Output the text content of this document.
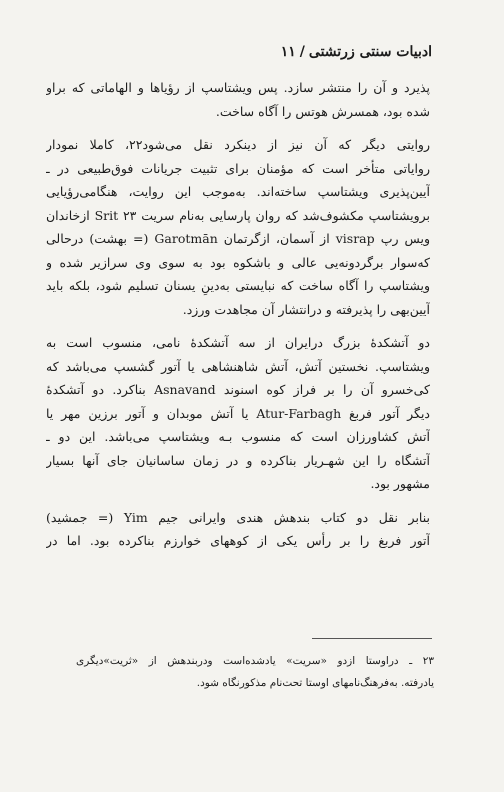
ادبیات سنتی زرتشتی/۱۱

پذیرد و آن را منتشر سازد. پس ویشتاسپ از رؤیاها و الهاماتی که براو
شده بود، همسرش هوتس را آگاه ساخت.

روایتی دیگر که آن نیز از دینکرد نقل می‌شود۲۲، کاملا نمودار
روایاتی متأخر است که مؤمنان برای تثبیت جریانات فوق‌طبیعی در ـ
آیین‌پذیری ویشتاسپ ساخته‌اند. به‌موجب این روایت، هنگامی‌رؤیایی
برویشتاسپ مکشوف‌شد که روان پارسایی به‌نام سریت Srit ۲۳ ازخاندان
ویس رپ visrap از آسمان، ازگرتمان Garotmān (= بهشت) درحالی
که‌سوار برگردونه‌یی عالی و باشکوه بود به سوی وی سرازیر شده و
ویشتاسپ را آگاه ساخت که نبایستی به‌دینِ یسنان تسلیم شود، بلکه باید
آیین‌بهی را پذیرفته و درانتشار آن مجاهدت ورزد.

دو آتشکدهٔ بزرگ درایران از سه آتشکدهٔ نامی، منسوب است به
ویشتاسپ. نخستین آتش، آتش شاهنشاهی یا آتور گشسپ می‌باشد که
کی‌خسرو آن را بر فراز کوه اسنوند Asnavand بناکرد. دو آتشکدهٔ
دیگر آتور فربغ Atur-Farbagh یا آتش موبدان و آتور برزین مهر یا
آتش کشاورزان است که منسوب بـه ویشتاسپ می‌باشد. این دو ـ
آتشگاه را این شهـریار بناکرده و در زمان ساسانیان جای آنها بسیار
مشهور بود.

بنابر نقل دو کتاب بندهش هندی وایرانی جیم Yim (= جمشید)
آتور فربغ را بر رأس یکی از کوههای خوارزم بناکرده بود. اما در

۲۳ ـ دراوستا ازدو «سریت» یادشده‌است ودربندهش از «ثریت»دیگری
یادرفته. به‌فرهنگ‌نامهای اوستا تحت‌نام مذکورنگاه شود.
